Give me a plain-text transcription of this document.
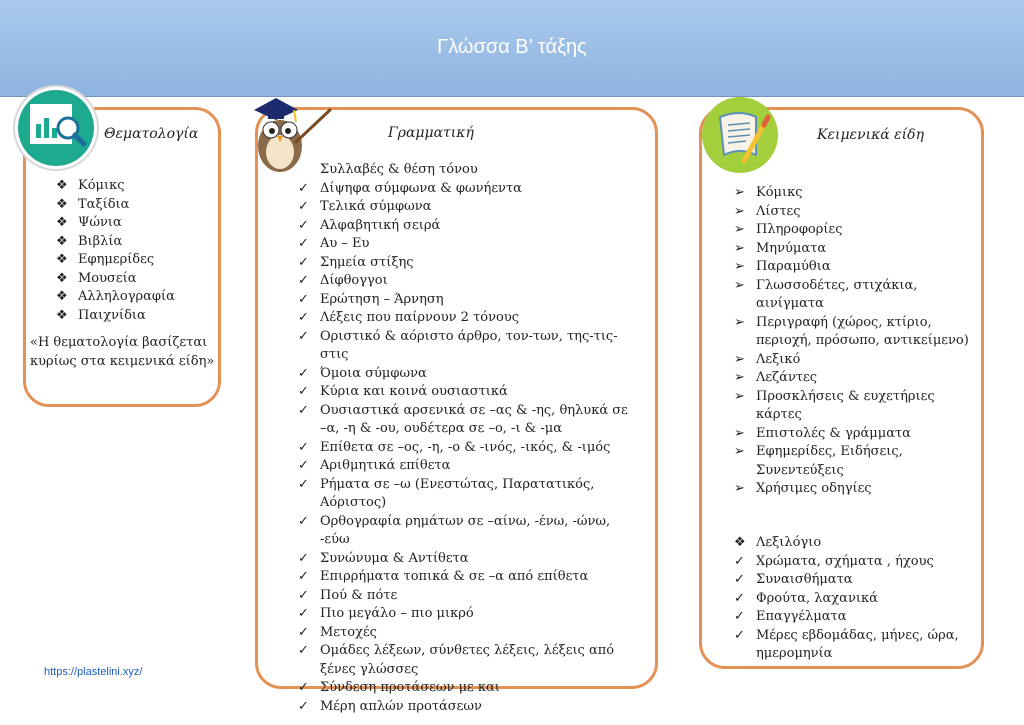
Γλώσσα Β’ τάξης
Θεματολογία
❖ Κόμικς
❖ Ταξίδια
❖ Ψώνια
❖ Βιβλία
❖ Εφημερίδες
❖ Μουσεία
❖ Αλληλογραφία
❖ Παιχνίδια
«Η θεματολογία βασίζεται κυρίως στα κειμενικά είδη»
Γραμματική
Συλλαβές & θέση τόνου
✓ Δίψηφα σύμφωνα & φωνήεντα
✓ Τελικά σύμφωνα
✓ Αλφαβητική σειρά
✓ Αυ – Ευ
✓ Σημεία στίξης
✓ Δίφθογγοι
✓ Ερώτηση – Άρνηση
✓ Λέξεις που παίρνουν 2 τόνους
✓ Οριστικό & αόριστο άρθρο, τον-των, της-τις-στις
✓ Όμοια σύμφωνα
✓ Κύρια και κοινά ουσιαστικά
✓ Ουσιαστικά αρσενικά σε –ας & -ης, θηλυκά σε –α, -η & -ου, ουδέτερα σε –ο, -ι & -μα
✓ Επίθετα σε –ος, -η, -ο & -ινός, -ικός, & -ιμός
✓ Αριθμητικά επίθετα
✓ Ρήματα σε –ω (Ενεστώτας, Παρατατικός, Αόριστος)
✓ Ορθογραφία ρημάτων σε –αίνω, -ένω, -ώνω, -εύω
✓ Συνώνυμα & Αντίθετα
✓ Επιρρήματα τοπικά & σε –α από επίθετα
✓ Πού & πότε
✓ Πιο μεγάλο – πιο μικρό
✓ Μετοχές
✓ Ομάδες λέξεων, σύνθετες λέξεις, λέξεις από ξένες γλώσσες
✓ Σύνδεση προτάσεων με και
✓ Μέρη απλών προτάσεων
Κειμενικά είδη
➢ Κόμικς
➢ Λίστες
➢ Πληροφορίες
➢ Μηνύματα
➢ Παραμύθια
➢ Γλωσσοδέτες, στιχάκια, αινίγματα
➢ Περιγραφή (χώρος, κτίριο, περιοχή, πρόσωπο, αντικείμενο)
➢ Λεξικό
➢ Λεζάντες
➢ Προσκλήσεις & ευχετήριες κάρτες
➢ Επιστολές & γράμματα
➢ Εφημερίδες, Ειδήσεις, Συνεντεύξεις
➢ Χρήσιμες οδηγίες
❖ Λεξιλόγιο
✓ Χρώματα, σχήματα , ήχους
✓ Συναισθήματα
✓ Φρούτα, λαχανικά
✓ Επαγγέλματα
✓ Μέρες εβδομάδας, μήνες, ώρα, ημερομηνία
https://plastelini.xyz/
